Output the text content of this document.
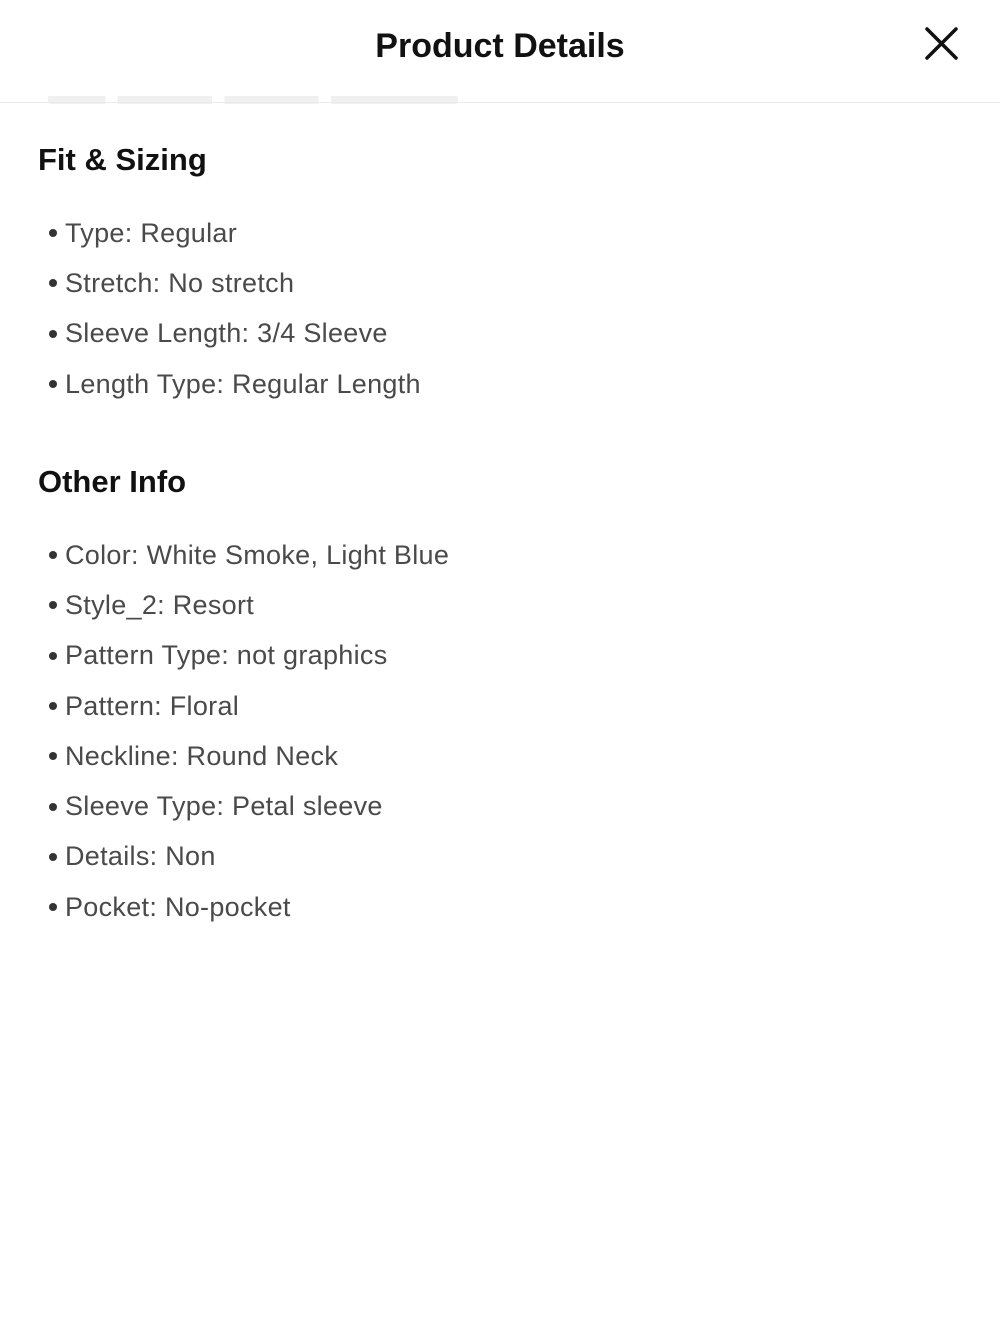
Product Details
Fit & Sizing
Type: Regular
Stretch: No stretch
Sleeve Length: 3/4 Sleeve
Length Type: Regular Length
Other Info
Color: White Smoke, Light Blue
Style_2: Resort
Pattern Type: not graphics
Pattern: Floral
Neckline: Round Neck
Sleeve Type: Petal sleeve
Details: Non
Pocket: No-pocket
